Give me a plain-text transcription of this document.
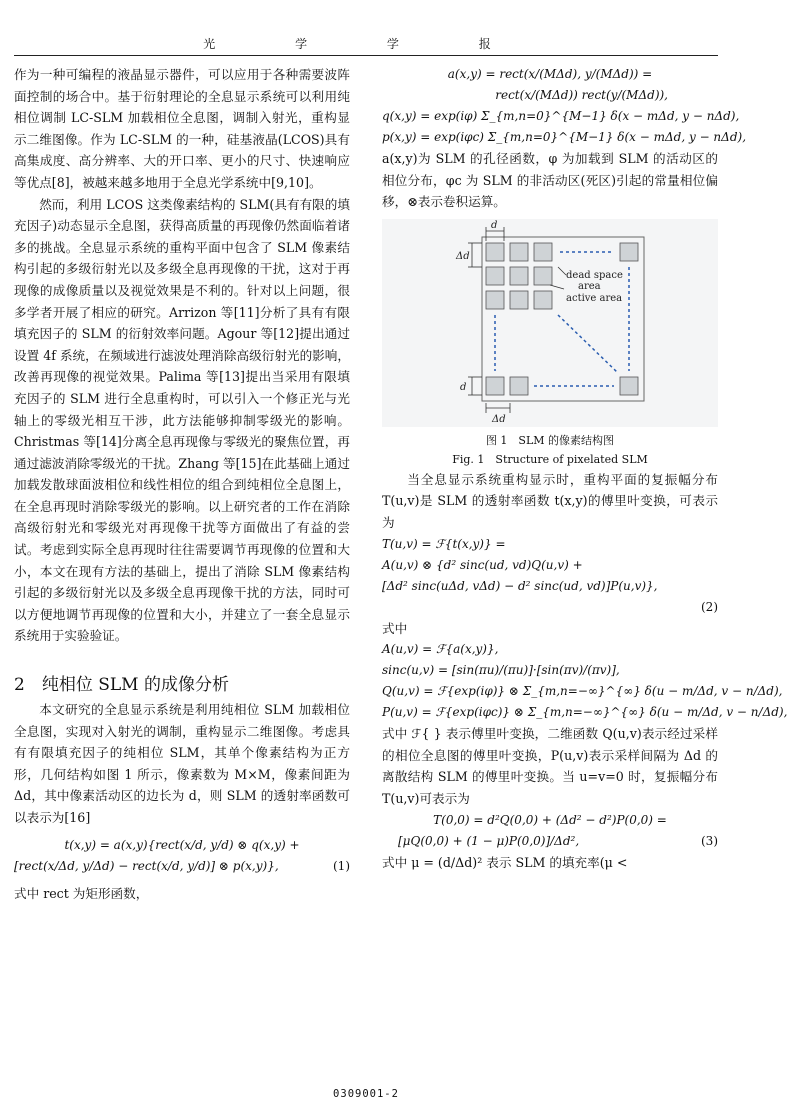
光 学 学 报

作为一种可编程的液晶显示器件，可以应用于各种需要波阵面控制的场合中。基于衍射理论的全息显示系统可以利用纯相位调制 LC-SLM 加载相位全息图，调制入射光，重构显示二维图像。作为 LC-SLM 的一种，硅基液晶(LCOS)具有高集成度、高分辨率、大的开口率、更小的尺寸、快速响应等优点[8]，被越来越多地用于全息光学系统中[9,10]。

然而，利用 LCOS 这类像素结构的 SLM(具有有限的填充因子)动态显示全息图，获得高质量的再现像仍然面临着诸多的挑战。全息显示系统的重构平面中包含了 SLM 像素结构引起的多级衍射光以及多级全息再现像的干扰，这对于再现像的成像质量以及视觉效果是不利的。针对以上问题，很多学者开展了相应的研究。Arrizon 等[11]分析了具有有限填充因子的 SLM 的衍射效率问题。Agour 等[12]提出通过设置 4f 系统，在频域进行滤波处理消除高级衍射光的影响，改善再现像的视觉效果。Palima 等[13]提出当采用有限填充因子的 SLM 进行全息重构时，可以引入一个修正光与光轴上的零级光相互干涉，此方法能够抑制零级光的影响。Christmas 等[14]分离全息再现像与零级光的聚焦位置，再通过滤波消除零级光的干扰。Zhang 等[15]在此基础上通过加载发散球面波相位和线性相位的组合到纯相位全息图上，在全息再现时消除零级光的影响。以上研究者的工作在消除高级衍射光和零级光对再现像干扰等方面做出了有益的尝试。考虑到实际全息再现时往往需要调节再现像的位置和大小，本文在现有方法的基础上，提出了消除 SLM 像素结构引起的多级衍射光以及多级全息再现像干扰的方法，同时可以方便地调节再现像的位置和大小，并建立了一套全息显示系统用于实验验证。

2　纯相位 SLM 的成像分析

本文研究的全息显示系统是利用纯相位 SLM 加载相位全息图，实现对入射光的调制，重构显示二维图像。考虑具有有限填充因子的纯相位 SLM，其单个像素结构为正方形，几何结构如图 1 所示，像素数为 M×M，像素间距为 Δd，其中像素活动区的边长为 d，则 SLM 的透射率函数可以表示为[16]

t(x,y) = a(x,y){rect(x/d, y/d) ⊗ q(x,y) +
[rect(x/Δd, y/Δd) − rect(x/d, y/d)] ⊗ p(x,y)},	(1)

式中 rect 为矩形函数，

a(x,y) = rect(x/(MΔd), y/(MΔd)) =
rect(x/(MΔd)) rect(y/(MΔd)),
q(x,y) = exp(iφ) Σ_{m,n=0}^{M−1} δ(x − mΔd, y − nΔd),
p(x,y) = exp(iφc) Σ_{m,n=0}^{M−1} δ(x − mΔd, y − nΔd),

a(x,y)为 SLM 的孔径函数，φ 为加载到 SLM 的活动区的相位分布，φc 为 SLM 的非活动区(死区)引起的常量相位偏移，⊗表示卷积运算。

d
Δd
dead space
area
active area
d
Δd
图 1　SLM 的像素结构图
Fig. 1　Structure of pixelated SLM

当全息显示系统重构显示时，重构平面的复振幅分布 T(u,v)是 SLM 的透射率函数 t(x,y)的傅里叶变换，可表示为

T(u,v) = ℱ{t(x,y)} =
A(u,v) ⊗ {d² sinc(ud, vd)Q(u,v) +
[Δd² sinc(uΔd, vΔd) − d² sinc(ud, vd)]P(u,v)},
(2)

式中

A(u,v) = ℱ{a(x,y)},
sinc(u,v) = [sin(πu)/(πu)]·[sin(πv)/(πv)],
Q(u,v) = ℱ{exp(iφ)} ⊗ Σ_{m,n=−∞}^{∞} δ(u − m/Δd, v − n/Δd),
P(u,v) = ℱ{exp(iφc)} ⊗ Σ_{m,n=−∞}^{∞} δ(u − m/Δd, v − n/Δd),

式中 ℱ{ } 表示傅里叶变换，二维函数 Q(u,v)表示经过采样的相位全息图的傅里叶变换，P(u,v)表示采样间隔为 Δd 的离散结构 SLM 的傅里叶变换。当 u=v=0 时，复振幅分布 T(u,v)可表示为

T(0,0) = d²Q(0,0) + (Δd² − d²)P(0,0) =
[μQ(0,0) + (1 − μ)P(0,0)]/Δd²,	(3)

式中 μ = (d/Δd)² 表示 SLM 的填充率(μ <

0309001-2
